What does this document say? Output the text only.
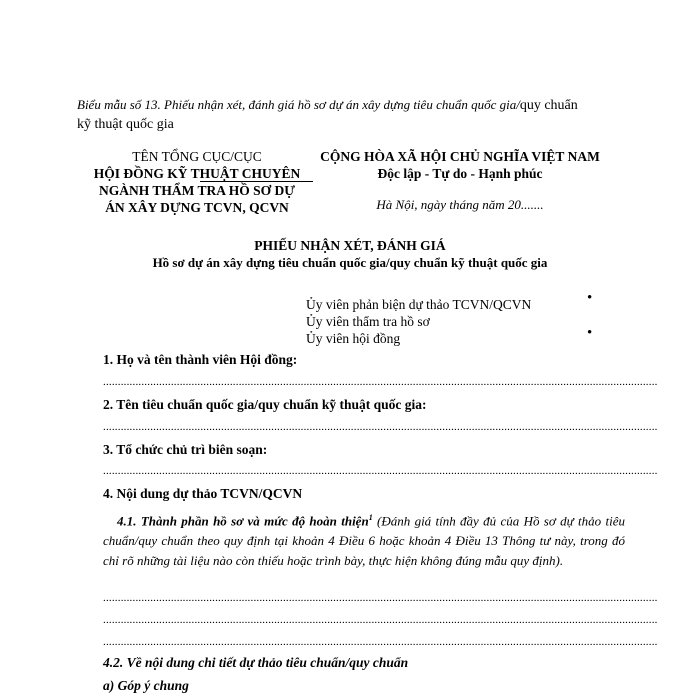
Biểu mẫu số 13. Phiếu nhận xét, đánh giá hồ sơ dự án xây dựng tiêu chuẩn quốc gia/quy chuẩn
kỹ thuật quốc gia
TÊN TỔNG CỤC/CỤC
HỘI ĐỒNG KỸ THUẬT CHUYÊN
NGÀNH THẨM TRA HỒ SƠ DỰ
ÁN XÂY DỰNG TCVN, QCVN
CỘNG HÒA XÃ HỘI CHỦ NGHĨA VIỆT NAM
Độc lập - Tự do - Hạnh phúc
Hà Nội, ngày tháng năm 20.......
PHIẾU NHẬN XÉT, ĐÁNH GIÁ
Hồ sơ dự án xây dựng tiêu chuẩn quốc gia/quy chuẩn kỹ thuật quốc gia
Ủy viên phản biện dự thảo TCVN/QCVN
Ủy viên thẩm tra hồ sơ
Ủy viên hội đồng
•
•
1. Họ và tên thành viên Hội đồng:
............................................................................................................................................................................................
2. Tên tiêu chuẩn quốc gia/quy chuẩn kỹ thuật quốc gia:
............................................................................................................................................................................................
3. Tổ chức chủ trì biên soạn:
............................................................................................................................................................................................
4. Nội dung dự thảo TCVN/QCVN
4.1. Thành phần hồ sơ và mức độ hoàn thiện$^1$ (Đánh giá tính đầy đủ của Hồ sơ dự thảo tiêu chuẩn/quy chuẩn theo quy định tại khoản 4 Điều 6 hoặc khoản 4 Điều 13 Thông tư này, trong đó chỉ rõ những tài liệu nào còn thiếu hoặc trình bày, thực hiện không đúng mẫu quy định).
............................................................................................................................................................................................
............................................................................................................................................................................................
............................................................................................................................................................................................
4.2. Về nội dung chi tiết dự thảo tiêu chuẩn/quy chuẩn
a) Góp ý chung
